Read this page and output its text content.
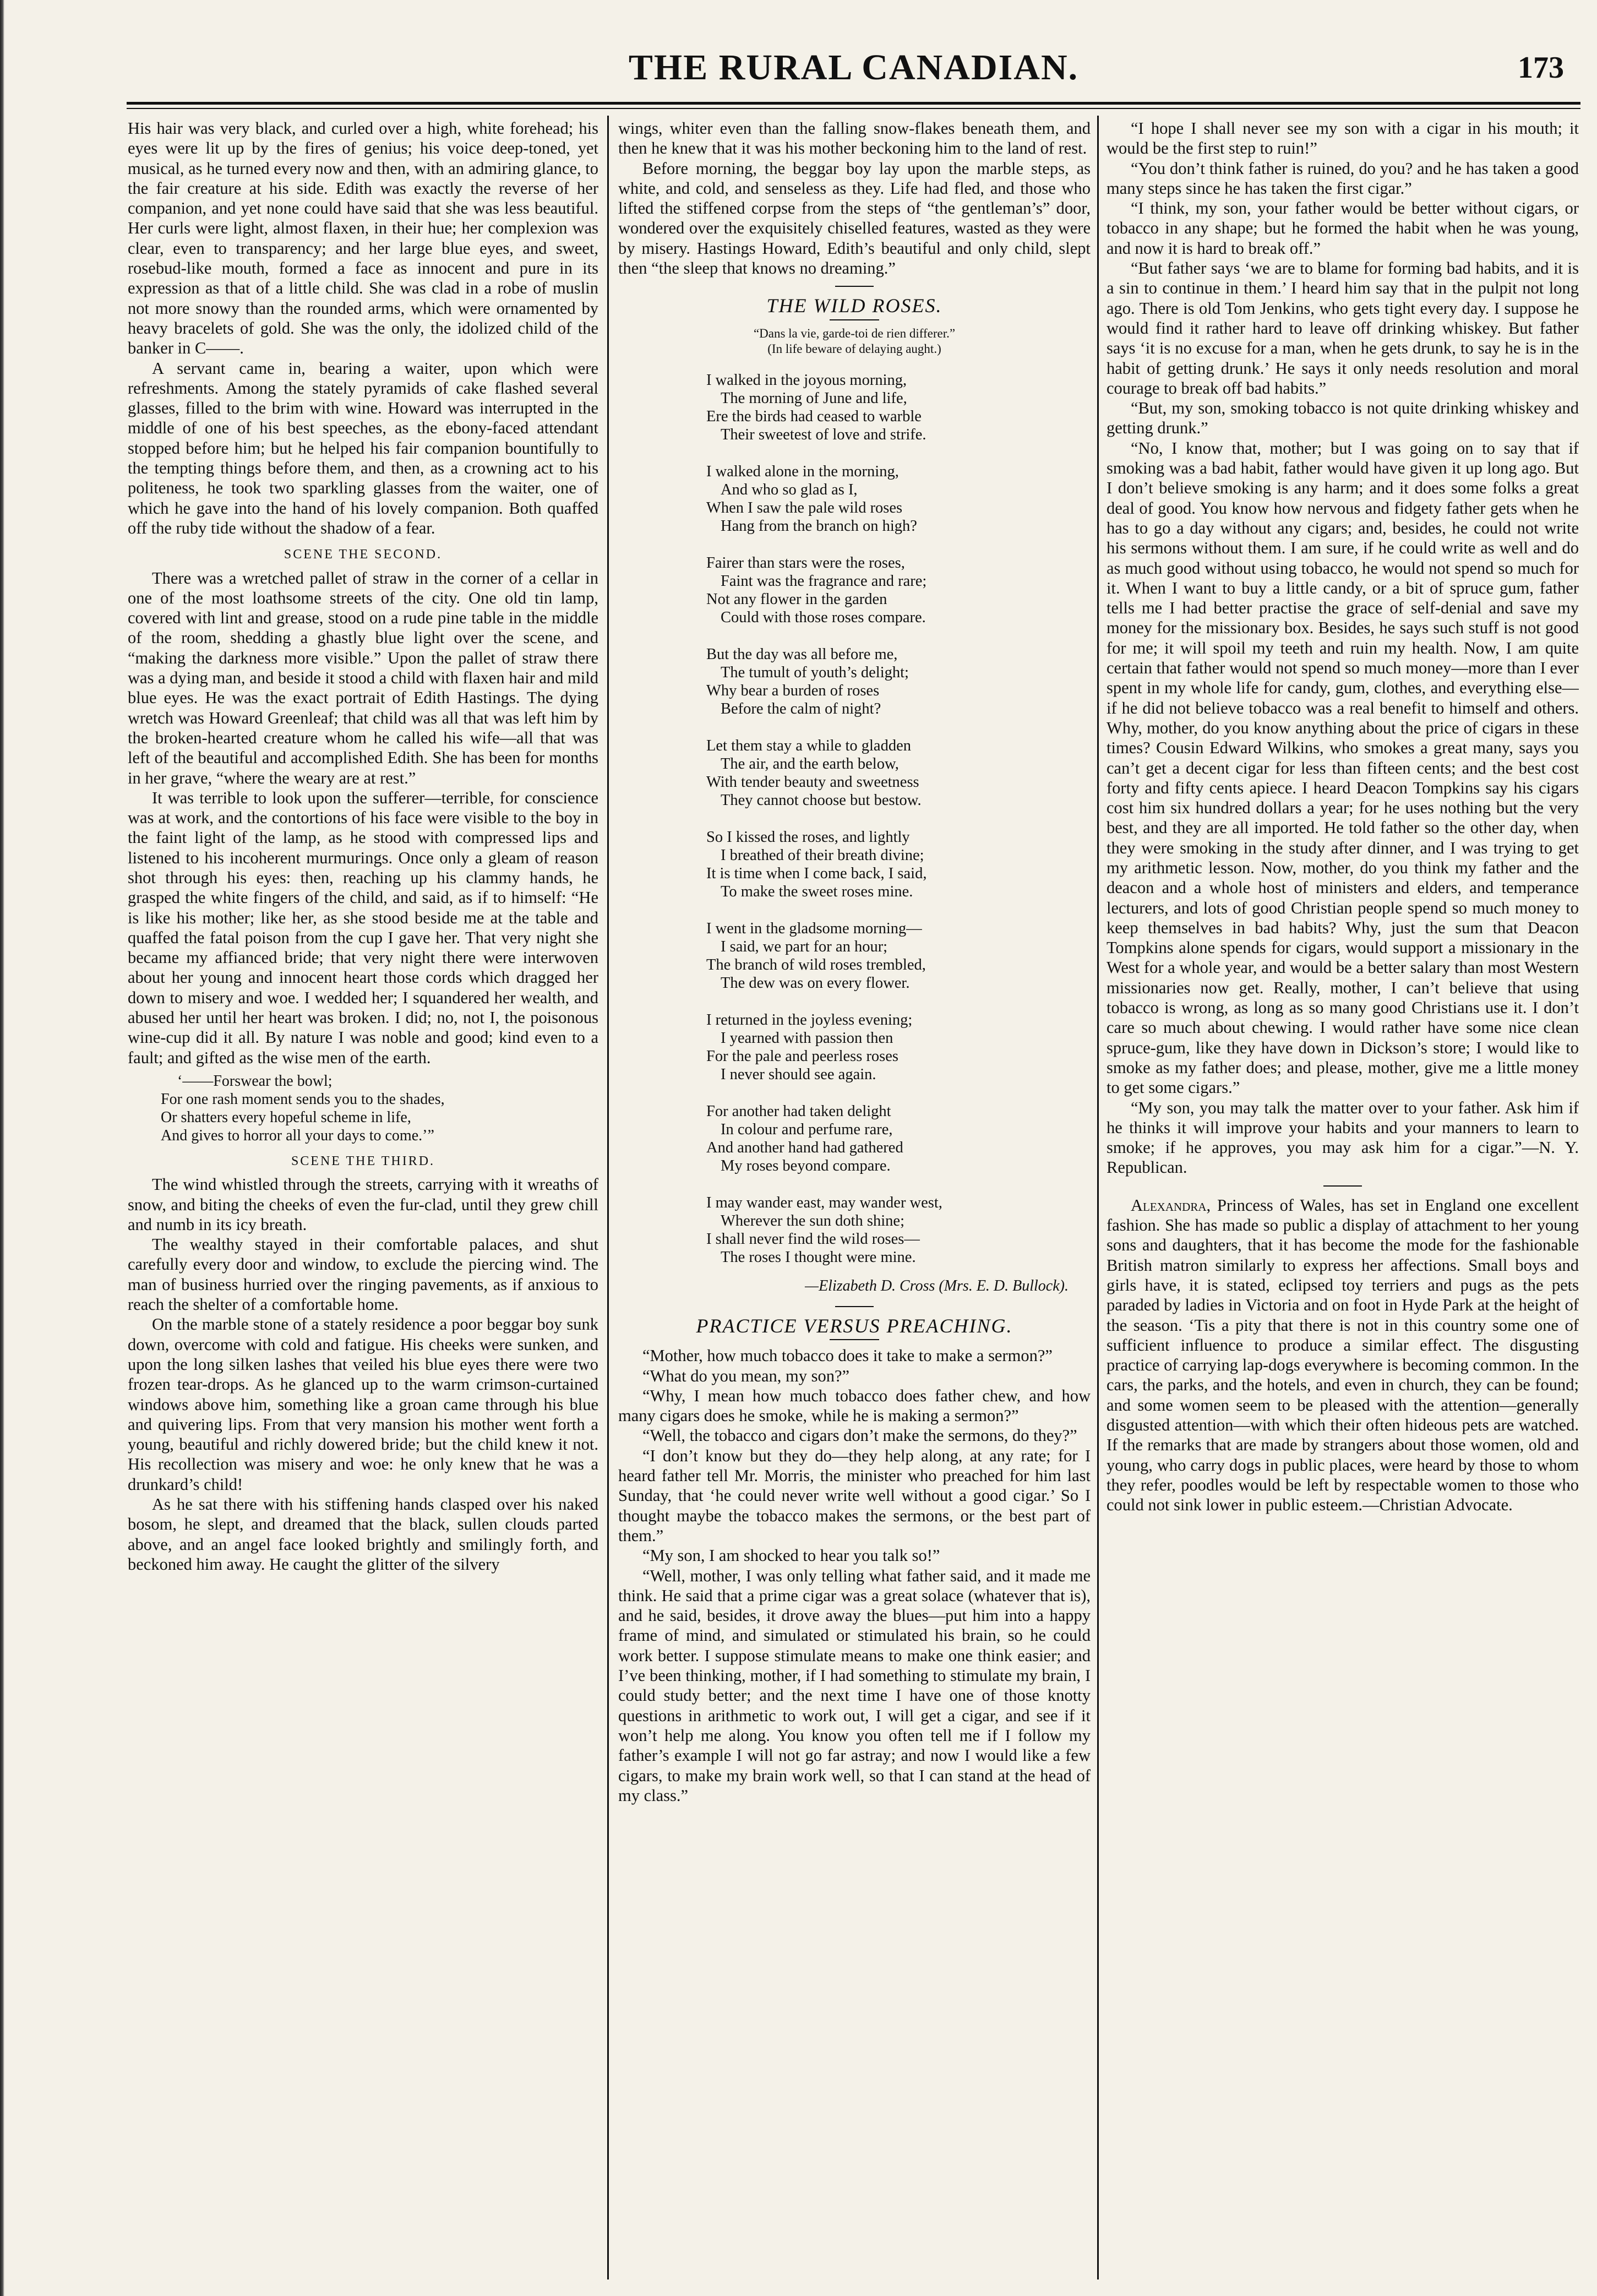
THE RURAL CANADIAN.	173

His hair was very black, and curled over a high, white forehead; his eyes were lit up by the fires of genius; his voice deep-toned, yet musical, as he turned every now and then, with an admiring glance, to the fair creature at his side. Edith was exactly the reverse of her companion, and yet none could have said that she was less beautiful. Her curls were light, almost flaxen, in their hue; her complexion was clear, even to transparency; and her large blue eyes, and sweet, rosebud-like mouth, formed a face as innocent and pure in its expression as that of a little child. She was clad in a robe of muslin not more snowy than the rounded arms, which were ornamented by heavy bracelets of gold. She was the only, the idolized child of the banker in C——.

A servant came in, bearing a waiter, upon which were refreshments. Among the stately pyramids of cake flashed several glasses, filled to the brim with wine. Howard was interrupted in the middle of one of his best speeches, as the ebony-faced attendant stopped before him; but he helped his fair companion bountifully to the tempting things before them, and then, as a crowning act to his politeness, he took two sparkling glasses from the waiter, one of which he gave into the hand of his lovely companion. Both quaffed off the ruby tide without the shadow of a fear.

SCENE THE SECOND.

There was a wretched pallet of straw in the corner of a cellar in one of the most loathsome streets of the city. One old tin lamp, covered with lint and grease, stood on a rude pine table in the middle of the room, shedding a ghastly blue light over the scene, and “making the darkness more visible.” Upon the pallet of straw there was a dying man, and beside it stood a child with flaxen hair and mild blue eyes. He was the exact portrait of Edith Hastings. The dying wretch was Howard Greenleaf; that child was all that was left him by the broken-hearted creature whom he called his wife—all that was left of the beautiful and accomplished Edith. She has been for months in her grave, “where the weary are at rest.”

It was terrible to look upon the sufferer—terrible, for conscience was at work, and the contortions of his face were visible to the boy in the faint light of the lamp, as he stood with compressed lips and listened to his incoherent murmurings. Once only a gleam of reason shot through his eyes: then, reaching up his clammy hands, he grasped the white fingers of the child, and said, as if to himself: “He is like his mother; like her, as she stood beside me at the table and quaffed the fatal poison from the cup I gave her. That very night she became my affianced bride; that very night there were interwoven about her young and innocent heart those cords which dragged her down to misery and woe. I wedded her; I squandered her wealth, and abused her until her heart was broken. I did; no, not I, the poisonous wine-cup did it all. By nature I was noble and good; kind even to a fault; and gifted as the wise men of the earth.

‘——Forswear the bowl;
For one rash moment sends you to the shades,
Or shatters every hopeful scheme in life,
And gives to horror all your days to come.’”
SCENE THE THIRD.

The wind whistled through the streets, carrying with it wreaths of snow, and biting the cheeks of even the fur-clad, until they grew chill and numb in its icy breath.

The wealthy stayed in their comfortable palaces, and shut carefully every door and window, to exclude the piercing wind. The man of business hurried over the ringing pavements, as if anxious to reach the shelter of a comfortable home.

On the marble stone of a stately residence a poor beggar boy sunk down, overcome with cold and fatigue. His cheeks were sunken, and upon the long silken lashes that veiled his blue eyes there were two frozen tear-drops. As he glanced up to the warm crimson-curtained windows above him, something like a groan came through his blue and quivering lips. From that very mansion his mother went forth a young, beautiful and richly dowered bride; but the child knew it not. His recollection was misery and woe: he only knew that he was a drunkard’s child!

As he sat there with his stiffening hands clasped over his naked bosom, he slept, and dreamed that the black, sullen clouds parted above, and an angel face looked brightly and smilingly forth, and beckoned him away. He caught the glitter of the silvery

wings, whiter even than the falling snow-flakes beneath them, and then he knew that it was his mother beckoning him to the land of rest.

Before morning, the beggar boy lay upon the marble steps, as white, and cold, and senseless as they. Life had fled, and those who lifted the stiffened corpse from the steps of “the gentleman’s” door, wondered over the exquisitely chiselled features, wasted as they were by misery. Hastings Howard, Edith’s beautiful and only child, slept then “the sleep that knows no dreaming.”

THE WILD ROSES.
“Dans la vie, garde-toi de rien differer.”
(In life beware of delaying aught.)
I walked in the joyous morning,
The morning of June and life,
Ere the birds had ceased to warble
Their sweetest of love and strife.
I walked alone in the morning,
And who so glad as I,
When I saw the pale wild roses
Hang from the branch on high?
Fairer than stars were the roses,
Faint was the fragrance and rare;
Not any flower in the garden
Could with those roses compare.
But the day was all before me,
The tumult of youth’s delight;
Why bear a burden of roses
Before the calm of night?
Let them stay a while to gladden
The air, and the earth below,
With tender beauty and sweetness
They cannot choose but bestow.
So I kissed the roses, and lightly
I breathed of their breath divine;
It is time when I come back, I said,
To make the sweet roses mine.
I went in the gladsome morning—
I said, we part for an hour;
The branch of wild roses trembled,
The dew was on every flower.
I returned in the joyless evening;
I yearned with passion then
For the pale and peerless roses
I never should see again.
For another had taken delight
In colour and perfume rare,
And another hand had gathered
My roses beyond compare.
I may wander east, may wander west,
Wherever the sun doth shine;
I shall never find the wild roses—
The roses I thought were mine.
—Elizabeth D. Cross (Mrs. E. D. Bullock).
PRACTICE VERSUS PREACHING.

“Mother, how much tobacco does it take to make a sermon?”

“What do you mean, my son?”

“Why, I mean how much tobacco does father chew, and how many cigars does he smoke, while he is making a sermon?”

“Well, the tobacco and cigars don’t make the sermons, do they?”

“I don’t know but they do—they help along, at any rate; for I heard father tell Mr. Morris, the minister who preached for him last Sunday, that ‘he could never write well without a good cigar.’ So I thought maybe the tobacco makes the sermons, or the best part of them.”

“My son, I am shocked to hear you talk so!”

“Well, mother, I was only telling what father said, and it made me think. He said that a prime cigar was a great solace (whatever that is), and he said, besides, it drove away the blues—put him into a happy frame of mind, and simulated or stimulated his brain, so he could work better. I suppose stimulate means to make one think easier; and I’ve been thinking, mother, if I had something to stimulate my brain, I could study better; and the next time I have one of those knotty questions in arithmetic to work out, I will get a cigar, and see if it won’t help me along. You know you often tell me if I follow my father’s example I will not go far astray; and now I would like a few cigars, to make my brain work well, so that I can stand at the head of my class.”

“I hope I shall never see my son with a cigar in his mouth; it would be the first step to ruin!”

“You don’t think father is ruined, do you? and he has taken a good many steps since he has taken the first cigar.”

“I think, my son, your father would be better without cigars, or tobacco in any shape; but he formed the habit when he was young, and now it is hard to break off.”

“But father says ‘we are to blame for forming bad habits, and it is a sin to continue in them.’ I heard him say that in the pulpit not long ago. There is old Tom Jenkins, who gets tight every day. I suppose he would find it rather hard to leave off drinking whiskey. But father says ‘it is no excuse for a man, when he gets drunk, to say he is in the habit of getting drunk.’ He says it only needs resolution and moral courage to break off bad habits.”

“But, my son, smoking tobacco is not quite drinking whiskey and getting drunk.”

“No, I know that, mother; but I was going on to say that if smoking was a bad habit, father would have given it up long ago. But I don’t believe smoking is any harm; and it does some folks a great deal of good. You know how nervous and fidgety father gets when he has to go a day without any cigars; and, besides, he could not write his sermons without them. I am sure, if he could write as well and do as much good without using tobacco, he would not spend so much for it. When I want to buy a little candy, or a bit of spruce gum, father tells me I had better practise the grace of self-denial and save my money for the missionary box. Besides, he says such stuff is not good for me; it will spoil my teeth and ruin my health. Now, I am quite certain that father would not spend so much money—more than I ever spent in my whole life for candy, gum, clothes, and everything else—if he did not believe tobacco was a real benefit to himself and others. Why, mother, do you know anything about the price of cigars in these times? Cousin Edward Wilkins, who smokes a great many, says you can’t get a decent cigar for less than fifteen cents; and the best cost forty and fifty cents apiece. I heard Deacon Tompkins say his cigars cost him six hundred dollars a year; for he uses nothing but the very best, and they are all imported. He told father so the other day, when they were smoking in the study after dinner, and I was trying to get my arithmetic lesson. Now, mother, do you think my father and the deacon and a whole host of ministers and elders, and temperance lecturers, and lots of good Christian people spend so much money to keep themselves in bad habits? Why, just the sum that Deacon Tompkins alone spends for cigars, would support a missionary in the West for a whole year, and would be a better salary than most Western missionaries now get. Really, mother, I can’t believe that using tobacco is wrong, as long as so many good Christians use it. I don’t care so much about chewing. I would rather have some nice clean spruce-gum, like they have down in Dickson’s store; I would like to smoke as my father does; and please, mother, give me a little money to get some cigars.”

“My son, you may talk the matter over to your father. Ask him if he thinks it will improve your habits and your manners to learn to smoke; if he approves, you may ask him for a cigar.”—N. Y. Republican.

Alexandra, Princess of Wales, has set in England one excellent fashion. She has made so public a display of attachment to her young sons and daughters, that it has become the mode for the fashionable British matron similarly to express her affections. Small boys and girls have, it is stated, eclipsed toy terriers and pugs as the pets paraded by ladies in Victoria and on foot in Hyde Park at the height of the season. ‘Tis a pity that there is not in this country some one of sufficient influence to produce a similar effect. The disgusting practice of carrying lap-dogs everywhere is becoming common. In the cars, the parks, and the hotels, and even in church, they can be found; and some women seem to be pleased with the attention—generally disgusted attention—with which their often hideous pets are watched. If the remarks that are made by strangers about those women, old and young, who carry dogs in public places, were heard by those to whom they refer, poodles would be left by respectable women to those who could not sink lower in public esteem.—Christian Advocate.
